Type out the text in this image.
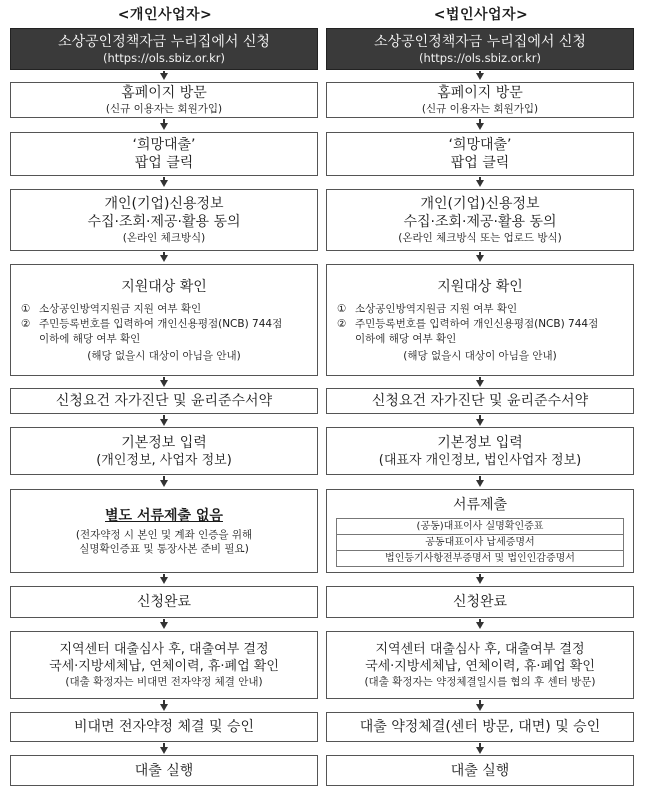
<개인사업자>
소상공인정책자금 누리집에서 신청
(https://ols.sbiz.or.kr)
홈페이지 방문
(신규 이용자는 회원가입)
‘희망대출’
팝업 클릭
개인(기업)신용정보
수집·조회·제공·활용 동의
(온라인 체크방식)
지원대상 확인
① 소상공인방역지원금 지원 여부 확인
② 주민등록번호를 입력하여 개인신용평점(NCB) 744점
이하에 해당 여부 확인
(해당 없을시 대상이 아님을 안내)
신청요건 자가진단 및 윤리준수서약
기본정보 입력
(개인정보, 사업자 정보)
별도 서류제출 없음
(전자약정 시 본인 및 계좌 인증을 위해
실명확인증표 및 통장사본 준비 필요)
신청완료
지역센터 대출심사 후, 대출여부 결정
국세·지방세체납, 연체이력, 휴·폐업 확인
(대출 확정자는 비대면 전자약정 체결 안내)
비대면 전자약정 체결 및 승인
대출 실행
<법인사업자>
소상공인정책자금 누리집에서 신청
(https://ols.sbiz.or.kr)
홈페이지 방문
(신규 이용자는 회원가입)
‘희망대출’
팝업 클릭
개인(기업)신용정보
수집·조회·제공·활용 동의
(온라인 체크방식 또는 업로드 방식)
지원대상 확인
① 소상공인방역지원금 지원 여부 확인
② 주민등록번호를 입력하여 개인신용평점(NCB) 744점
이하에 해당 여부 확인
(해당 없을시 대상이 아님을 안내)
신청요건 자가진단 및 윤리준수서약
기본정보 입력
(대표자 개인정보, 법인사업자 정보)
서류제출
(공동)대표이사 실명확인증표
공동대표이사 납세증명서
법인등기사항전부증명서 및 법인인감증명서
신청완료
지역센터 대출심사 후, 대출여부 결정
국세·지방세체납, 연체이력, 휴·폐업 확인
(대출 확정자는 약정체결일시를 협의 후 센터 방문)
대출 약정체결(센터 방문, 대면) 및 승인
대출 실행
